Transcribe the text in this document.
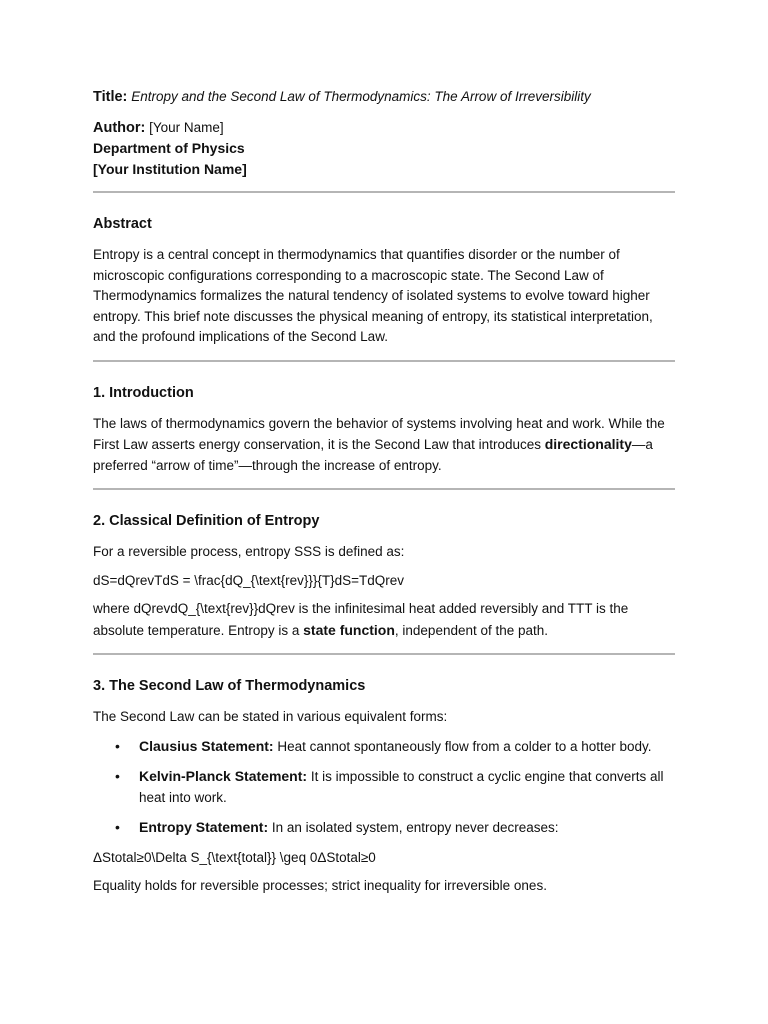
Title: Entropy and the Second Law of Thermodynamics: The Arrow of Irreversibility
Author: [Your Name]
Department of Physics
[Your Institution Name]
Abstract

Entropy is a central concept in thermodynamics that quantifies disorder or the number of microscopic configurations corresponding to a macroscopic state. The Second Law of Thermodynamics formalizes the natural tendency of isolated systems to evolve toward higher entropy. This brief note discusses the physical meaning of entropy, its statistical interpretation, and the profound implications of the Second Law.

1. Introduction

The laws of thermodynamics govern the behavior of systems involving heat and work. While the First Law asserts energy conservation, it is the Second Law that introduces directionality—a preferred “arrow of time”—through the increase of entropy.

2. Classical Definition of Entropy

For a reversible process, entropy SSS is defined as:

dS=dQrevTdS = \frac{dQ_{\text{rev}}}{T}dS=TdQrev

where dQrevdQ_{\text{rev}}dQrev is the infinitesimal heat added reversibly and TTT is the absolute temperature. Entropy is a state function, independent of the path.

3. The Second Law of Thermodynamics

The Second Law can be stated in various equivalent forms:

• Clausius Statement: Heat cannot spontaneously flow from a colder to a hotter body.
• Kelvin-Planck Statement: It is impossible to construct a cyclic engine that converts all heat into work.
• Entropy Statement: In an isolated system, entropy never decreases:

ΔStotal≥0\Delta S_{\text{total}} \geq 0ΔStotal≥0

Equality holds for reversible processes; strict inequality for irreversible ones.
